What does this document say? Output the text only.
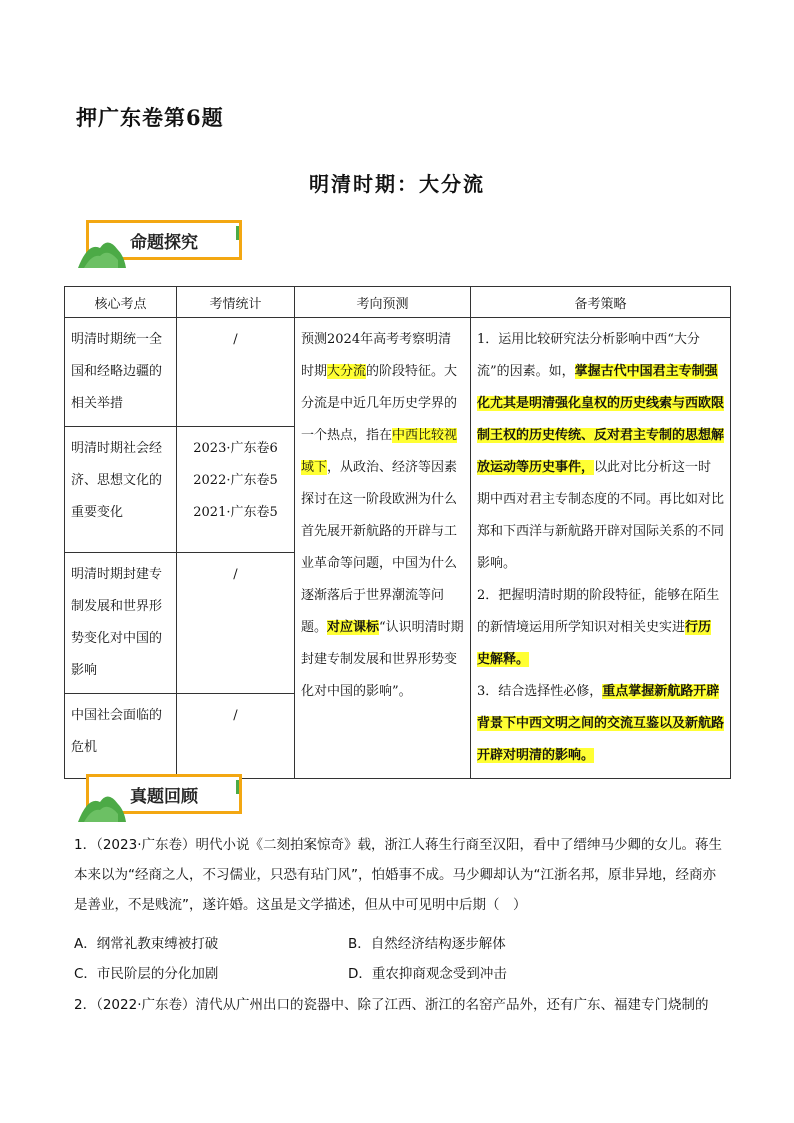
押广东卷第6题
明清时期：大分流
命题探究
核心考点	考情统计	考向预测	备考策略
明清时期统一全国和经略边疆的相关举措	/	预测2024年高考考察明清时期大分流的阶段特征。大分流是中近几年历史学界的一个热点，指在中西比较视域下，从政治、经济等因素探讨在这一阶段欧洲为什么首先展开新航路的开辟与工业革命等问题，中国为什么逐渐落后于世界潮流等问题。对应课标“认识明清时期封建专制发展和世界形势变化对中国的影响”。	1．运用比较研究法分析影响中西“大分流”的因素。如，掌握古代中国君主专制强化尤其是明清强化皇权的历史线索与西欧限制王权的历史传统、反对君主专制的思想解放运动等历史事件，以此对比分析这一时期中西对君主专制态度的不同。再比如对比郑和下西洋与新航路开辟对国际关系的不同影响。
2．把握明清时期的阶段特征，能够在陌生的新情境运用所学知识对相关史实进行历史解释。
3．结合选择性必修，重点掌握新航路开辟背景下中西文明之间的交流互鉴以及新航路开辟对明清的影响。
明清时期社会经济、思想文化的重要变化	2023·广东卷6
2022·广东卷5
2021·广东卷5		

明清时期封建专制发展和世界形势变化对中国的影响	/		
中国社会面临的危机	/		
真题回顾
1．（2023·广东卷）明代小说《二刻拍案惊奇》载，浙江人蒋生行商至汉阳，看中了缙绅马少卿的女儿。蒋生本来以为“经商之人，不习儒业，只恐有玷门风”，怕婚事不成。马少卿却认为“江浙名邦，原非异地，经商亦是善业，不是贱流”，遂许婚。这虽是文学描述，但从中可见明中后期（　）
A．纲常礼教束缚被打破	B．自然经济结构逐步解体
C．市民阶层的分化加剧	D．重农抑商观念受到冲击
2．（2022·广东卷）清代从广州出口的瓷器中、除了江西、浙江的名窑产品外，还有广东、福建专门烧制的
